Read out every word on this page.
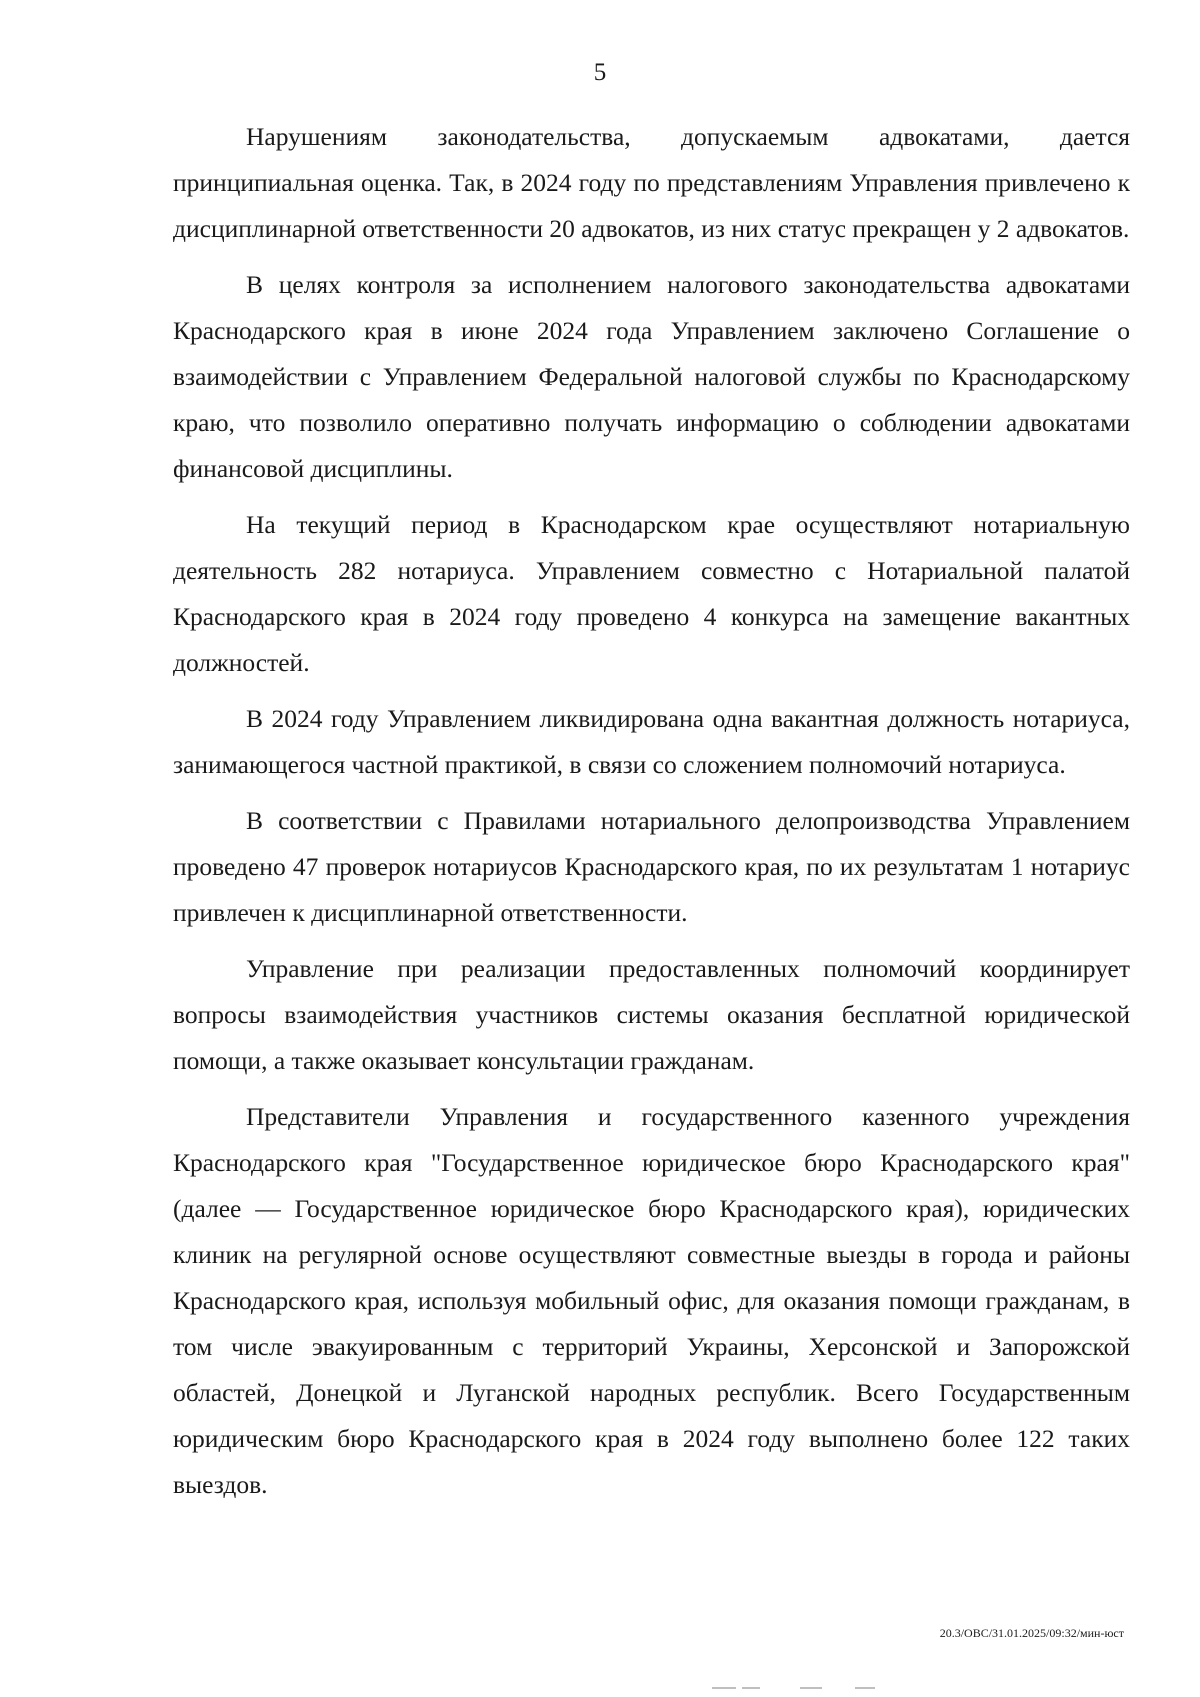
5

Нарушениям законодательства, допускаемым адвокатами, дается принципиальная оценка. Так, в 2024 году по представлениям Управления привлечено к дисциплинарной ответственности 20 адвокатов, из них статус прекращен у 2 адвокатов.

В целях контроля за исполнением налогового законодательства адвокатами Краснодарского края в июне 2024 года Управлением заключено Соглашение о взаимодействии с Управлением Федеральной налоговой службы по Краснодарскому краю, что позволило оперативно получать информацию о соблюдении адвокатами финансовой дисциплины.

На текущий период в Краснодарском крае осуществляют нотариальную деятельность 282 нотариуса. Управлением совместно с Нотариальной палатой Краснодарского края в 2024 году проведено 4 конкурса на замещение вакантных должностей.

В 2024 году Управлением ликвидирована одна вакантная должность нотариуса, занимающегося частной практикой, в связи со сложением полномочий нотариуса.

В соответствии с Правилами нотариального делопроизводства Управлением проведено 47 проверок нотариусов Краснодарского края, по их результатам 1 нотариус привлечен к дисциплинарной ответственности.

Управление при реализации предоставленных полномочий координирует вопросы взаимодействия участников системы оказания бесплатной юридической помощи, а также оказывает консультации гражданам.

Представители Управления и государственного казенного учреждения Краснодарского края "Государственное юридическое бюро Краснодарского края" (далее — Государственное юридическое бюро Краснодарского края), юридических клиник на регулярной основе осуществляют совместные выезды в города и районы Краснодарского края, используя мобильный офис, для оказания помощи гражданам, в том числе эвакуированным с территорий Украины, Херсонской и Запорожской областей, Донецкой и Луганской народных республик. Всего Государственным юридическим бюро Краснодарского края в 2024 году выполнено более 122 таких выездов.

20.3/ОВС/31.01.2025/09:32/мин-юст
